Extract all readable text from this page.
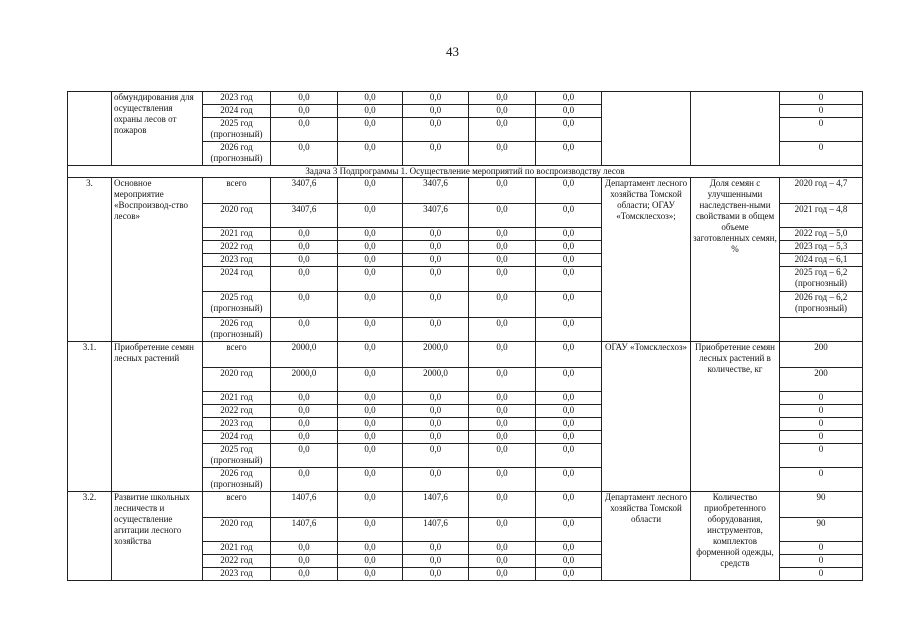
43
	обмундирования для осуществления охраны лесов от пожаров	2023 год	0,0	0,0	0,0	0,0	0,0			0
		2024 год	0,0	0,0	0,0	0,0	0,0			0
		2025 год (прогнозный)	0,0	0,0	0,0	0,0	0,0			0
		2026 год (прогнозный)	0,0	0,0	0,0	0,0	0,0			0
Задача 3 Подпрограммы 1. Осуществление мероприятий по воспроизводству лесов										
3.	Основное мероприятие «Воспроизвод-ство лесов»	всего	3407,6	0,0	3407,6	0,0	0,0	Департамент лесного хозяйства Томской области; ОГАУ «Томсклесхоз»;	Доля семян с улучшенными наследствен-ными свойствами в общем объеме заготовленных семян, %	2020 год – 4,7
		2020 год	3407,6	0,0	3407,6	0,0	0,0			2021 год – 4,8
		2021 год	0,0	0,0	0,0	0,0	0,0			2022 год – 5,0
		2022 год	0,0	0,0	0,0	0,0	0,0			2023 год – 5,3
		2023 год	0,0	0,0	0,0	0,0	0,0			2024 год – 6,1
		2024 год	0,0	0,0	0,0	0,0	0,0			2025 год – 6,2 (прогнозный)
		2025 год (прогнозный)	0,0	0,0	0,0	0,0	0,0			2026 год – 6,2 (прогнозный)
		2026 год (прогнозный)	0,0	0,0	0,0	0,0	0,0			
3.1.	Приобретение семян лесных растений	всего	2000,0	0,0	2000,0	0,0	0,0	ОГАУ «Томсклесхоз»	Приобретение семян лесных растений в количестве, кг	200
		2020 год	2000,0	0,0	2000,0	0,0	0,0			200
		2021 год	0,0	0,0	0,0	0,0	0,0			0
		2022 год	0,0	0,0	0,0	0,0	0,0			0
		2023 год	0,0	0,0	0,0	0,0	0,0			0
		2024 год	0,0	0,0	0,0	0,0	0,0			0
		2025 год (прогнозный)	0,0	0,0	0,0	0,0	0,0			0
		2026 год (прогнозный)	0,0	0,0	0,0	0,0	0,0			0
3.2.	Развитие школьных лесничеств и осуществление агитации лесного хозяйства	всего	1407,6	0,0	1407,6	0,0	0,0	Департамент лесного хозяйства Томской области	Количество приобретенного оборудования, инструментов, комплектов форменной одежды, средств	90
		2020 год	1407,6	0,0	1407,6	0,0	0,0			90
		2021 год	0,0	0,0	0,0	0,0	0,0			0
		2022 год	0,0	0,0	0,0	0,0	0,0			0
		2023 год	0,0	0,0	0,0	0,0	0,0			0
